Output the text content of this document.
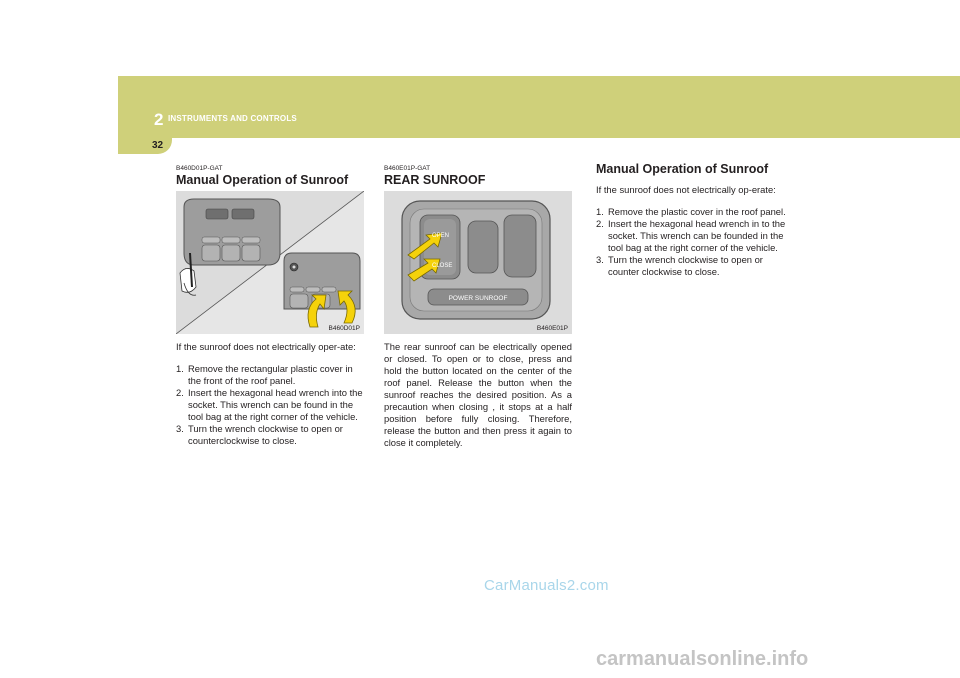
2 INSTRUMENTS AND CONTROLS
32
B460D01P-GAT
Manual Operation of Sunroof
B460D01P
If the sunroof does not electrically oper-ate:
1. Remove the rectangular plastic cover in the front of the roof panel.
2. Insert the hexagonal head wrench into the socket. This wrench can be found in the tool bag at the right corner of the vehicle.
3. Turn the wrench clockwise to open or counterclockwise to close.
B460E01P-GAT
REAR SUNROOF
OPEN
CLOSE
POWER SUNROOF
B460E01P
The rear sunroof can be electrically opened or closed. To open or to close, press and hold the button located on the center of the roof panel. Release the button when the sunroof reaches the desired position. As a precaution when closing , it stops at a half position before fully closing. Therefore, release the button and then press it again to close it completely.
Manual Operation of Sunroof
If the sunroof does not electrically op-erate:
1. Remove the plastic cover in the roof panel.
2. Insert the hexagonal head wrench in to the socket. This wrench can be founded in the tool bag at the right corner of the vehicle.
3. Turn the wrench clockwise to open or counter clockwise to close.
CarManuals2.com
carmanualsonline.info
